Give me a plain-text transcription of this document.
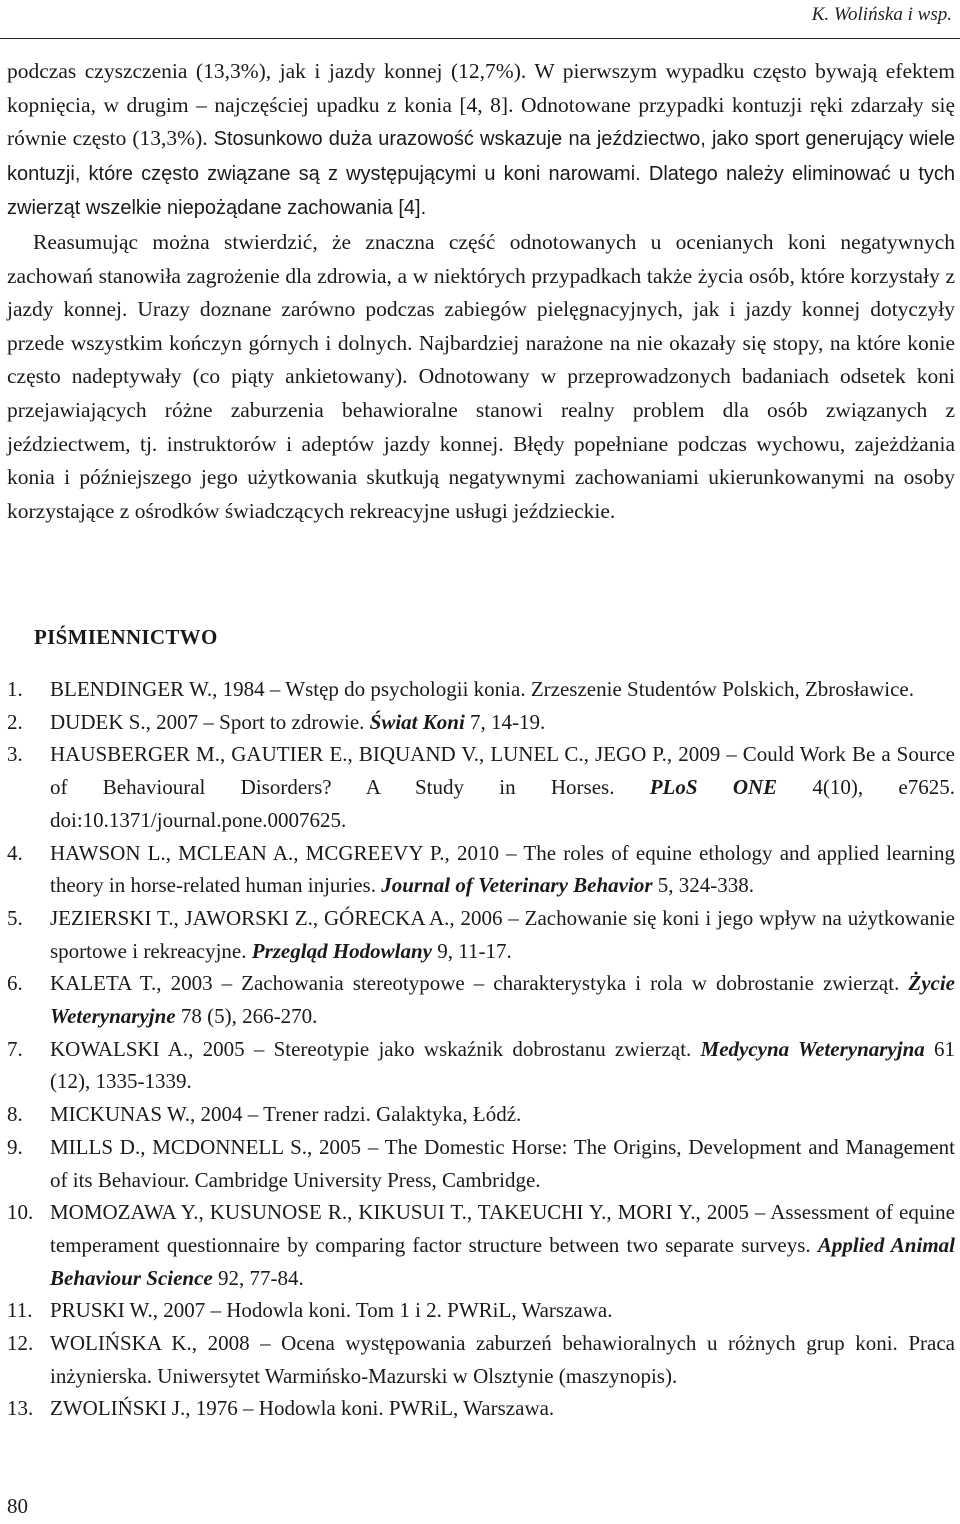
K. Wolińska i wsp.

podczas czyszczenia (13,3%), jak i jazdy konnej (12,7%). W pierwszym wypadku często bywają efektem kopnięcia, w drugim – najczęściej upadku z konia [4, 8]. Odnotowane przypadki kontuzji ręki zdarzały się równie często (13,3%). Stosunkowo duża urazowość wskazuje na jeździectwo, jako sport generujący wiele kontuzji, które często związane są z występującymi u koni narowami. Dlatego należy eliminować u tych zwierząt wszelkie niepożądane zachowania [4].

Reasumując można stwierdzić, że znaczna część odnotowanych u ocenianych koni negatywnych zachowań stanowiła zagrożenie dla zdrowia, a w niektórych przypadkach także życia osób, które korzystały z jazdy konnej. Urazy doznane zarówno podczas zabiegów pielęgnacyjnych, jak i jazdy konnej dotyczyły przede wszystkim kończyn górnych i dolnych. Najbardziej narażone na nie okazały się stopy, na które konie często nadeptywały (co piąty ankietowany). Odnotowany w przeprowadzonych badaniach odsetek koni przejawiających różne zaburzenia behawioralne stanowi realny problem dla osób związanych z jeździectwem, tj. instruktorów i adeptów jazdy konnej. Błędy popełniane podczas wychowu, zajeżdżania konia i późniejszego jego użytkowania skutkują negatywnymi zachowaniami ukierunkowanymi na osoby korzystające z ośrodków świadczących rekreacyjne usługi jeździeckie.

PIŚMIENNICTWO
1.	BLENDINGER W., 1984 – Wstęp do psychologii konia. Zrzeszenie Studentów Polskich, Zbrosławice.
2.	DUDEK S., 2007 – Sport to zdrowie. Świat Koni 7, 14-19.
3.	HAUSBERGER M., GAUTIER E., BIQUAND V., LUNEL C., JEGO P., 2009 – Could Work Be a Source of Behavioural Disorders? A Study in Horses. PLoS ONE 4(10), e7625. doi:10.1371/journal.pone.0007625.
4.	HAWSON L., MCLEAN A., MCGREEVY P., 2010 – The roles of equine ethology and applied learning theory in horse-related human injuries. Journal of Veterinary Behavior 5, 324-338.
5.	JEZIERSKI T., JAWORSKI Z., GÓRECKA A., 2006 – Zachowanie się koni i jego wpływ na użytkowanie sportowe i rekreacyjne. Przegląd Hodowlany 9, 11-17.
6.	KALETA T., 2003 – Zachowania stereotypowe – charakterystyka i rola w dobrostanie zwierząt. Życie Weterynaryjne 78 (5), 266-270.
7.	KOWALSKI A., 2005 – Stereotypie jako wskaźnik dobrostanu zwierząt. Medycyna Weterynaryjna 61 (12), 1335-1339.
8.	MICKUNAS W., 2004 – Trener radzi. Galaktyka, Łódź.
9.	MILLS D., MCDONNELL S., 2005 – The Domestic Horse: The Origins, Development and Management of its Behaviour. Cambridge University Press, Cambridge.
10. MOMOZAWA Y., KUSUNOSE R., KIKUSUI T., TAKEUCHI Y., MORI Y., 2005 – Assessment of equine temperament questionnaire by comparing factor structure between two separate surveys. Applied Animal Behaviour Science 92, 77-84.
11. PRUSKI W., 2007 – Hodowla koni. Tom 1 i 2. PWRiL, Warszawa.
12. WOLIŃSKA K., 2008 – Ocena występowania zaburzeń behawioralnych u różnych grup koni. Praca inżynierska. Uniwersytet Warmińsko-Mazurski w Olsztynie (maszynopis).
13. ZWOLIŃSKI J., 1976 – Hodowla koni. PWRiL, Warszawa.
80
